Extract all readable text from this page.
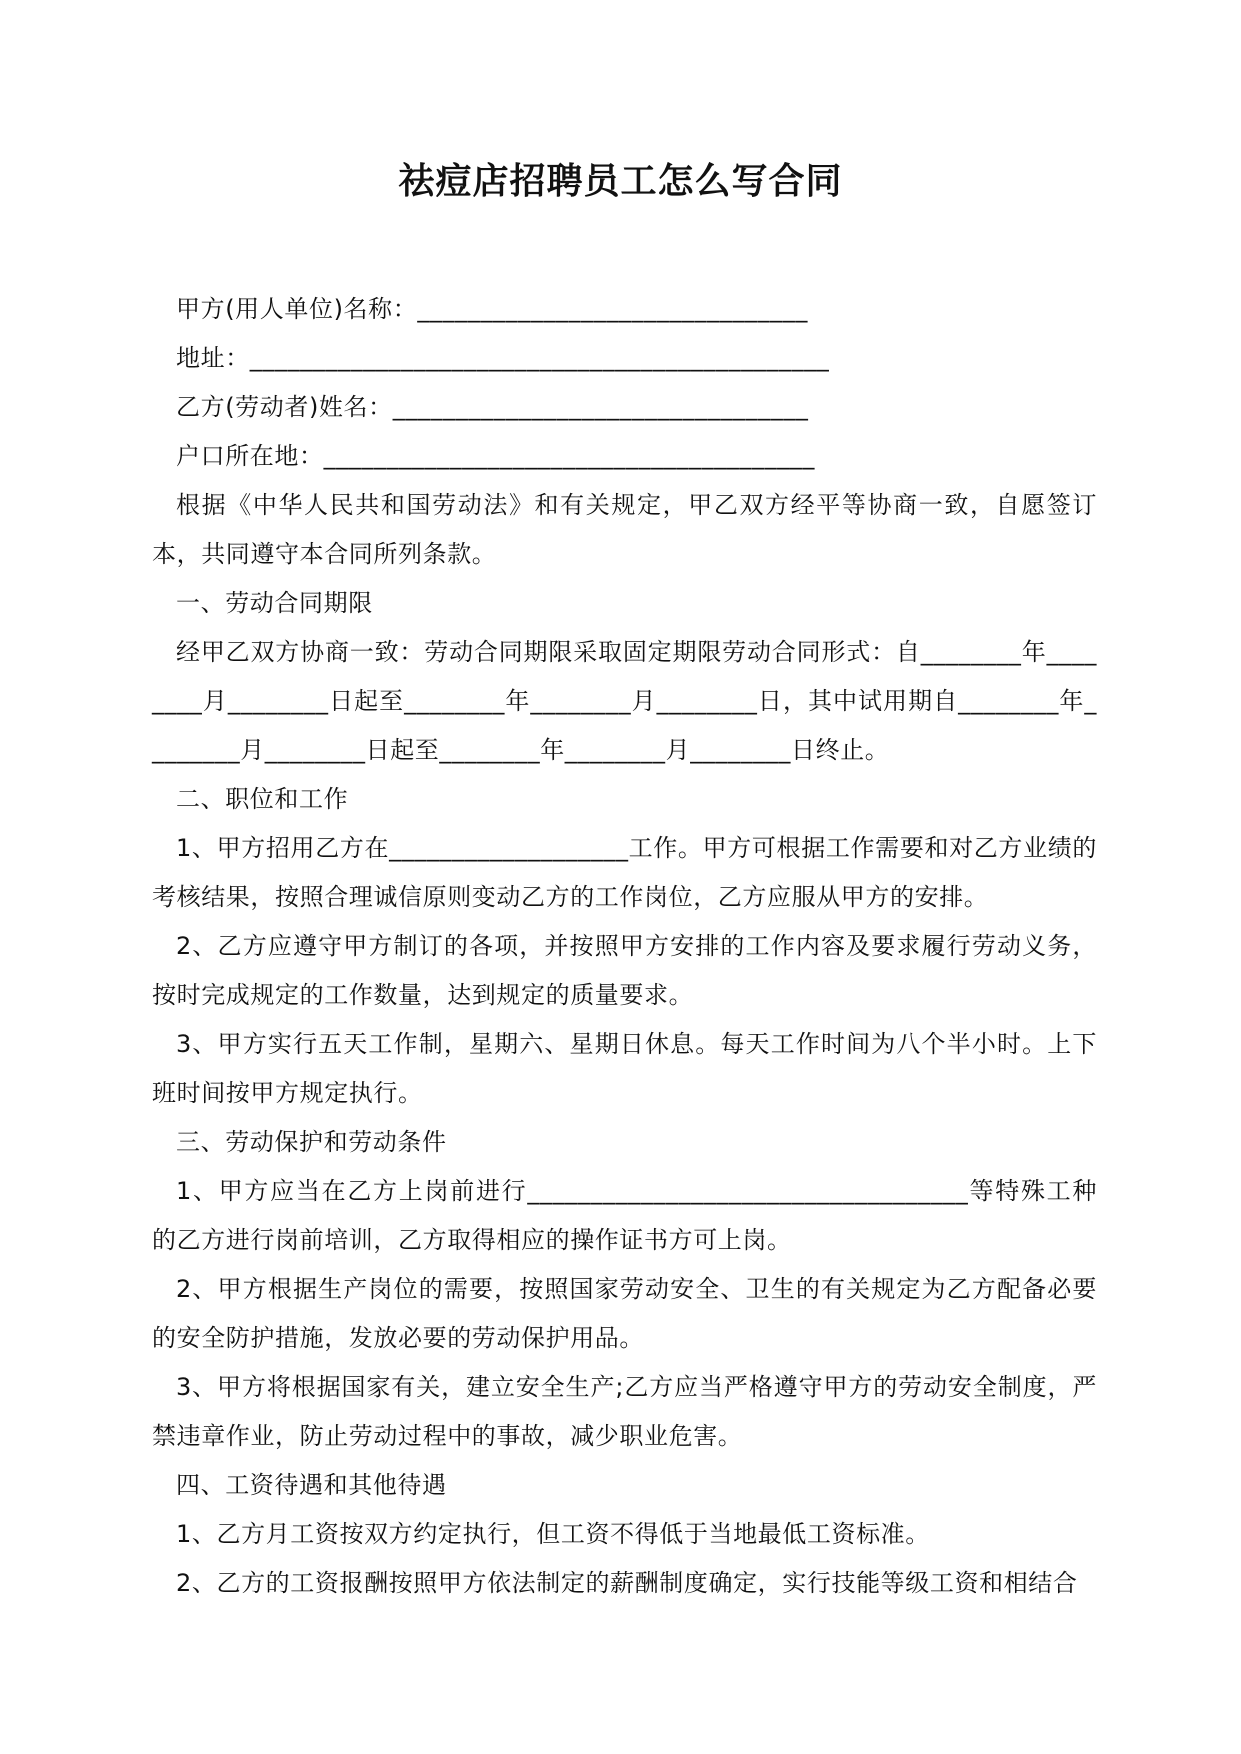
祛痘店招聘员工怎么写合同

甲方(用人单位)名称：_______________________________

地址：______________________________________________

乙方(劳动者)姓名：_________________________________

户口所在地：_______________________________________

根据《中华人民共和国劳动法》和有关规定，甲乙双方经平等协商一致，自愿签订本，共同遵守本合同所列条款。

一、劳动合同期限

经甲乙双方协商一致：劳动合同期限采取固定期限劳动合同形式：自________年________月________日起至________年________月________日，其中试用期自________年________月________日起至________年________月________日终止。

二、职位和工作

1、甲方招用乙方在___________________工作。甲方可根据工作需要和对乙方业绩的考核结果，按照合理诚信原则变动乙方的工作岗位，乙方应服从甲方的安排。

2、乙方应遵守甲方制订的各项，并按照甲方安排的工作内容及要求履行劳动义务，按时完成规定的工作数量，达到规定的质量要求。

3、甲方实行五天工作制，星期六、星期日休息。每天工作时间为八个半小时。上下班时间按甲方规定执行。

三、劳动保护和劳动条件

1、甲方应当在乙方上岗前进行___________________________________等特殊工种的乙方进行岗前培训，乙方取得相应的操作证书方可上岗。

2、甲方根据生产岗位的需要，按照国家劳动安全、卫生的有关规定为乙方配备必要的安全防护措施，发放必要的劳动保护用品。

3、甲方将根据国家有关，建立安全生产;乙方应当严格遵守甲方的劳动安全制度，严禁违章作业，防止劳动过程中的事故，减少职业危害。

四、工资待遇和其他待遇

1、乙方月工资按双方约定执行，但工资不得低于当地最低工资标准。

2、乙方的工资报酬按照甲方依法制定的薪酬制度确定，实行技能等级工资和相结合
